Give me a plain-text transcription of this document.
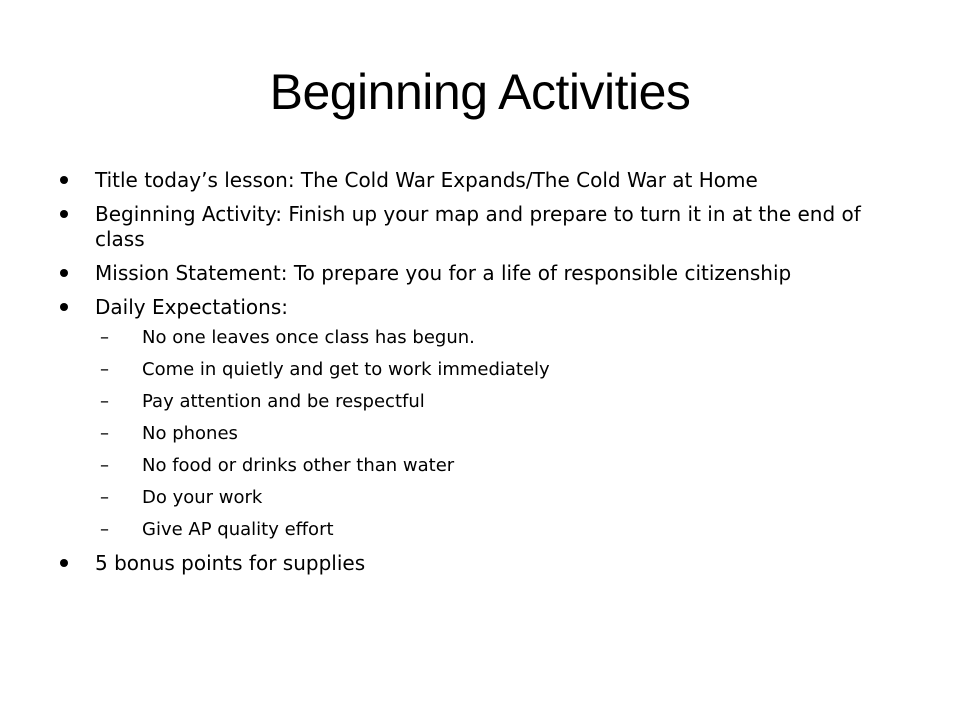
Beginning Activities
Title today’s lesson: The Cold War Expands/The Cold War at Home
Beginning Activity: Finish up your map and prepare to turn it in at the end of class
Mission Statement: To prepare you for a life of responsible citizenship
Daily Expectations:
– No one leaves once class has begun.
– Come in quietly and get to work immediately
– Pay attention and be respectful
– No phones
– No food or drinks other than water
– Do your work
– Give AP quality effort
5 bonus points for supplies
